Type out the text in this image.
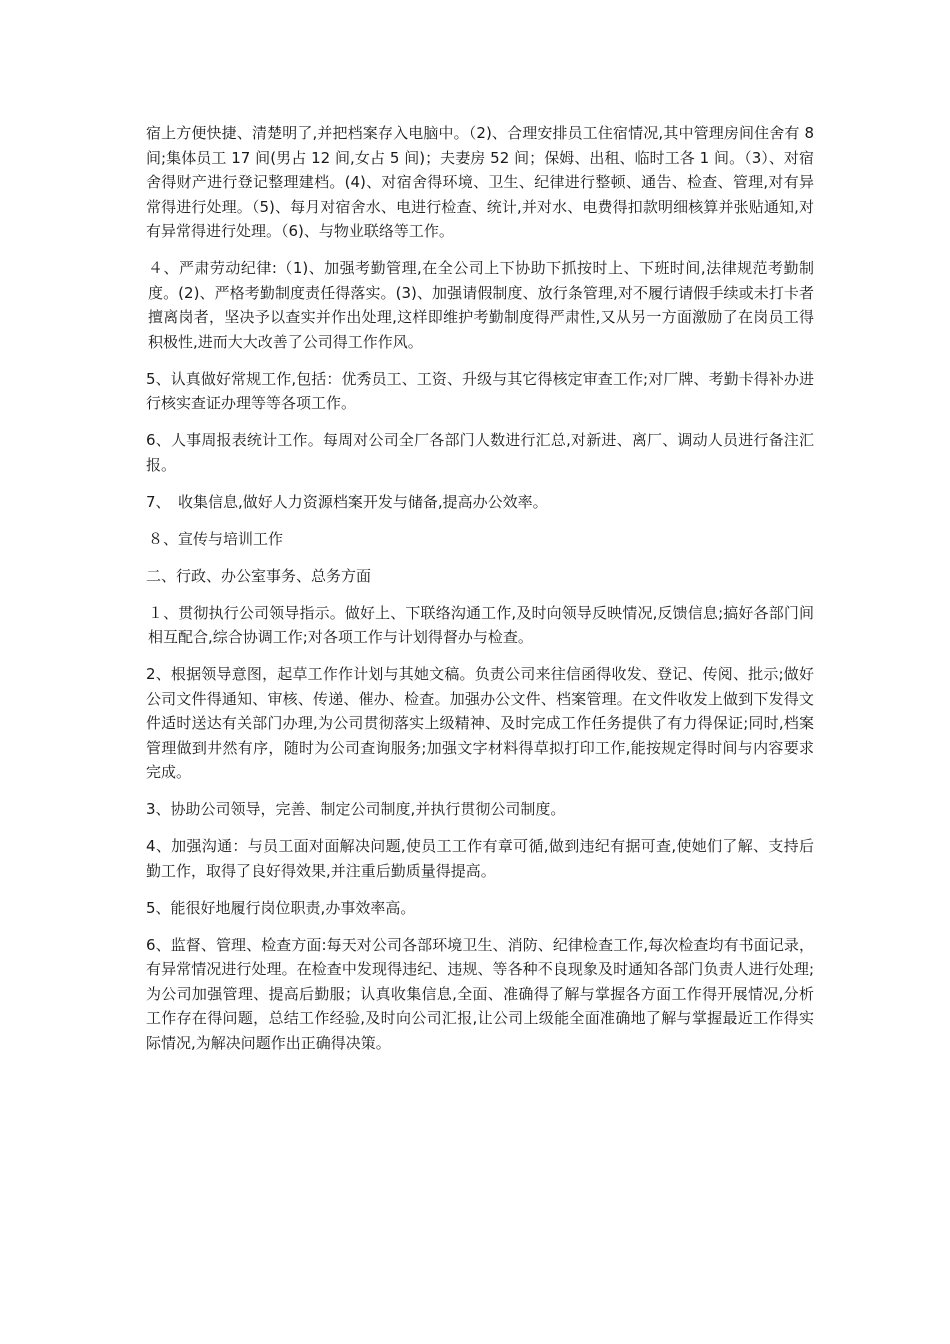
宿上方便快捷、清楚明了,并把档案存入电脑中。（2)、合理安排员工住宿情况,其中管理房间住舍有 8 间;集体员工 17 间(男占 12 间,女占 5 间)；夫妻房 52 间；保姆、出租、临时工各 1 间。（3）、对宿舍得财产进行登记整理建档。(4)、对宿舍得环境、卫生、纪律进行整顿、通告、检查、管理,对有异常得进行处理。（5)、每月对宿舍水、电进行检查、统计,并对水、电费得扣款明细核算并张贴通知,对有异常得进行处理。（6)、与物业联络等工作。

４、严肃劳动纪律:（1)、加强考勤管理,在全公司上下协助下抓按时上、下班时间,法律规范考勤制度。(2)、严格考勤制度责任得落实。(3)、加强请假制度、放行条管理,对不履行请假手续或未打卡者擅离岗者，坚决予以查实并作出处理,这样即维护考勤制度得严肃性,又从另一方面激励了在岗员工得积极性,进而大大改善了公司得工作作风。

5、认真做好常规工作,包括：优秀员工、工资、升级与其它得核定审查工作;对厂牌、考勤卡得补办进行核实查证办理等等各项工作。

6、人事周报表统计工作。每周对公司全厂各部门人数进行汇总,对新进、离厂、调动人员进行备注汇报。

7、　收集信息,做好人力资源档案开发与储备,提高办公效率。

８、宣传与培训工作

二、行政、办公室事务、总务方面

１、贯彻执行公司领导指示。做好上、下联络沟通工作,及时向领导反映情况,反馈信息;搞好各部门间相互配合,综合协调工作;对各项工作与计划得督办与检查。

2、根据领导意图，起草工作作计划与其她文稿。负责公司来往信函得收发、登记、传阅、批示;做好公司文件得通知、审核、传递、催办、检查。加强办公文件、档案管理。在文件收发上做到下发得文件适时送达有关部门办理,为公司贯彻落实上级精神、及时完成工作任务提供了有力得保证;同时,档案管理做到井然有序，随时为公司查询服务;加强文字材料得草拟打印工作,能按规定得时间与内容要求完成。

3、协助公司领导，完善、制定公司制度,并执行贯彻公司制度。

4、加强沟通：与员工面对面解决问题,使员工工作有章可循,做到违纪有据可查,使她们了解、支持后勤工作，取得了良好得效果,并注重后勤质量得提高。

5、能很好地履行岗位职责,办事效率高。

6、监督、管理、检查方面:每天对公司各部环境卫生、消防、纪律检查工作,每次检查均有书面记录，有异常情况进行处理。在检查中发现得违纪、违规、等各种不良现象及时通知各部门负责人进行处理;为公司加强管理、提高后勤服；认真收集信息,全面、准确得了解与掌握各方面工作得开展情况,分析工作存在得问题，总结工作经验,及时向公司汇报,让公司上级能全面准确地了解与掌握最近工作得实际情况,为解决问题作出正确得决策。
